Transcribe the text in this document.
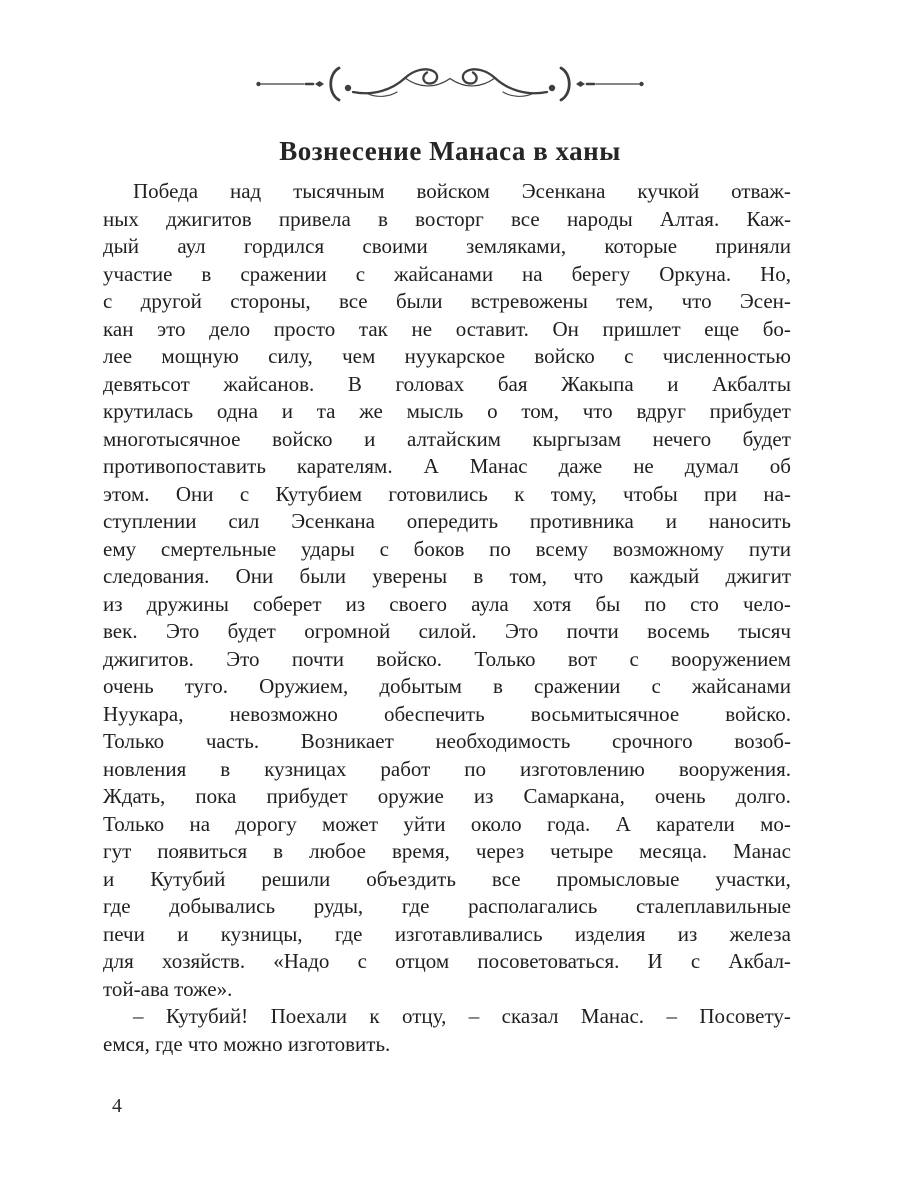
Вознесение Манаса в ханы
Победа над тысячным войском Эсенкана кучкой отваж-
ных джигитов привела в восторг все народы Алтая. Каж-
дый аул гордился своими земляками, которые приняли
участие в сражении с жайсанами на берегу Оркуна. Но,
с другой стороны, все были встревожены тем, что Эсен-
кан это дело просто так не оставит. Он пришлет еще бо-
лее мощную силу, чем нуукарское войско с численностью
девятьсот жайсанов. В головах бая Жакыпа и Акбалты
крутилась одна и та же мысль о том, что вдруг прибудет
многотысячное войско и алтайским кыргызам нечего будет
противопоставить карателям. А Манас даже не думал об
этом. Они с Кутубием готовились к тому, чтобы при на-
ступлении сил Эсенкана опередить противника и наносить
ему смертельные удары с боков по всему возможному пути
следования. Они были уверены в том, что каждый джигит
из дружины соберет из своего аула хотя бы по сто чело-
век. Это будет огромной силой. Это почти восемь тысяч
джигитов. Это почти войско. Только вот с вооружением
очень туго. Оружием, добытым в сражении с жайсанами
Нуукара, невозможно обеспечить восьмитысячное войско.
Только часть. Возникает необходимость срочного возоб-
новления в кузницах работ по изготовлению вооружения.
Ждать, пока прибудет оружие из Самаркана, очень долго.
Только на дорогу может уйти около года. А каратели мо-
гут появиться в любое время, через четыре месяца. Манас
и Кутубий решили объездить все промысловые участки,
где добывались руды, где располагались сталеплавильные
печи и кузницы, где изготавливались изделия из железа
для хозяйств. «Надо с отцом посоветоваться. И с Акбал-
той-ава тоже».
– Кутубий! Поехали к отцу, – сказал Манас. – Посовету-
емся, где что можно изготовить.
4
